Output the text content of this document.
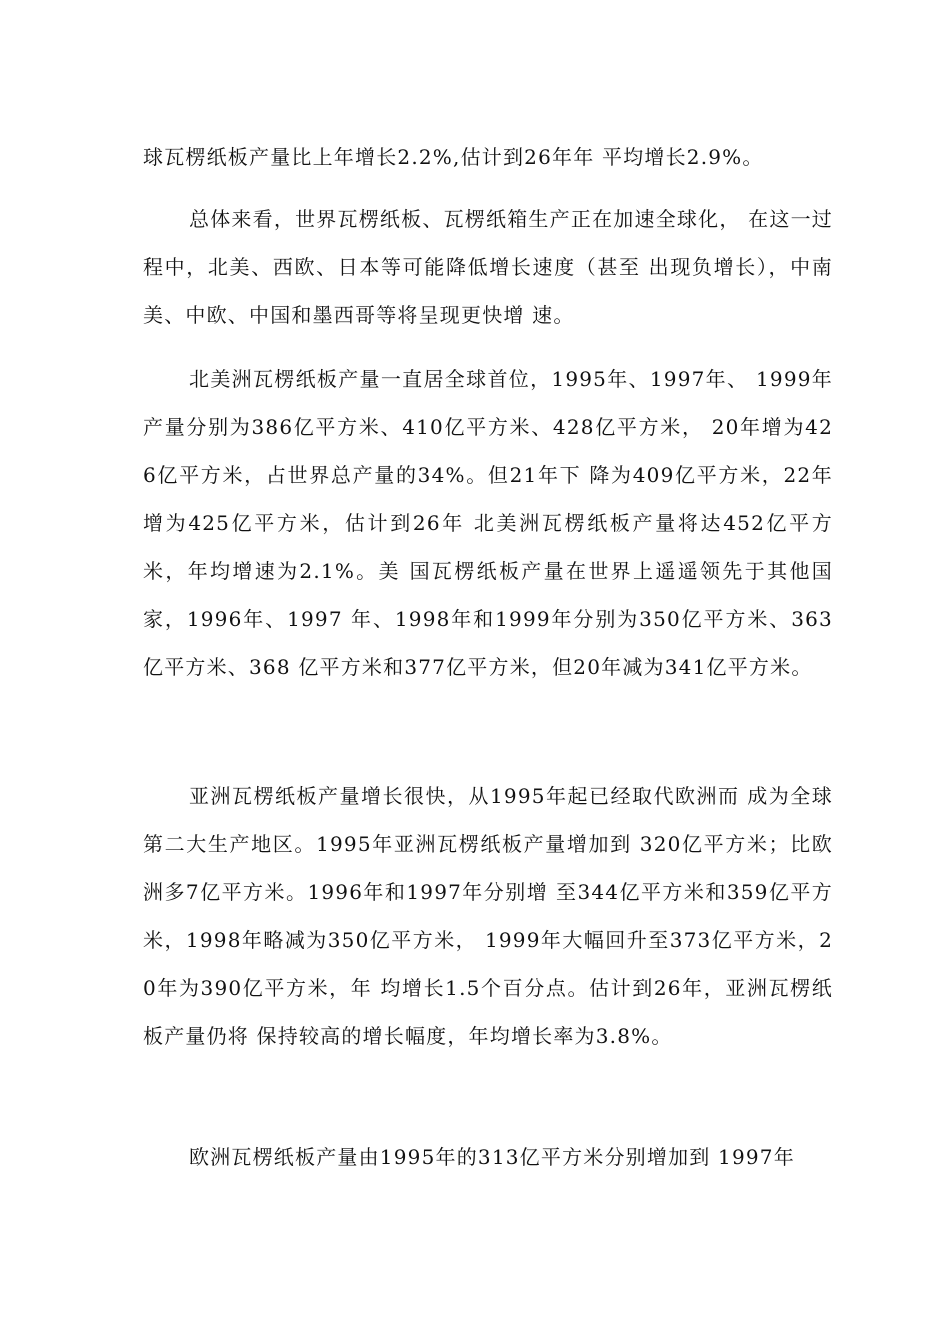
球瓦楞纸板产量比上年增长2.2%,估计到26年年 平均增长2.9%。

总体来看，世界瓦楞纸板、瓦楞纸箱生产正在加速全球化， 在这一过程中，北美、西欧、日本等可能降低增长速度（甚至 出现负增长），中南美、中欧、中国和墨西哥等将呈现更快增 速。

北美洲瓦楞纸板产量一直居全球首位，1995年、1997年、 1999年产量分别为386亿平方米、410亿平方米、428亿平方米， 20年增为426亿平方米，占世界总产量的34%。但21年下 降为409亿平方米，22年增为425亿平方米，估计到26年 北美洲瓦楞纸板产量将达452亿平方米，年均增速为2.1%。美 国瓦楞纸板产量在世界上遥遥领先于其他国家，1996年、1997 年、1998年和1999年分别为350亿平方米、363亿平方米、368 亿平方米和377亿平方米，但20年减为341亿平方米。

亚洲瓦楞纸板产量增长很快，从1995年起已经取代欧洲而 成为全球第二大生产地区。1995年亚洲瓦楞纸板产量增加到 320亿平方米；比欧洲多7亿平方米。1996年和1997年分别增 至344亿平方米和359亿平方米，1998年略减为350亿平方米， 1999年大幅回升至373亿平方米，20年为390亿平方米，年 均增长1.5个百分点。估计到26年，亚洲瓦楞纸板产量仍将 保持较高的增长幅度，年均增长率为3.8%。

欧洲瓦楞纸板产量由1995年的313亿平方米分别增加到 1997年
